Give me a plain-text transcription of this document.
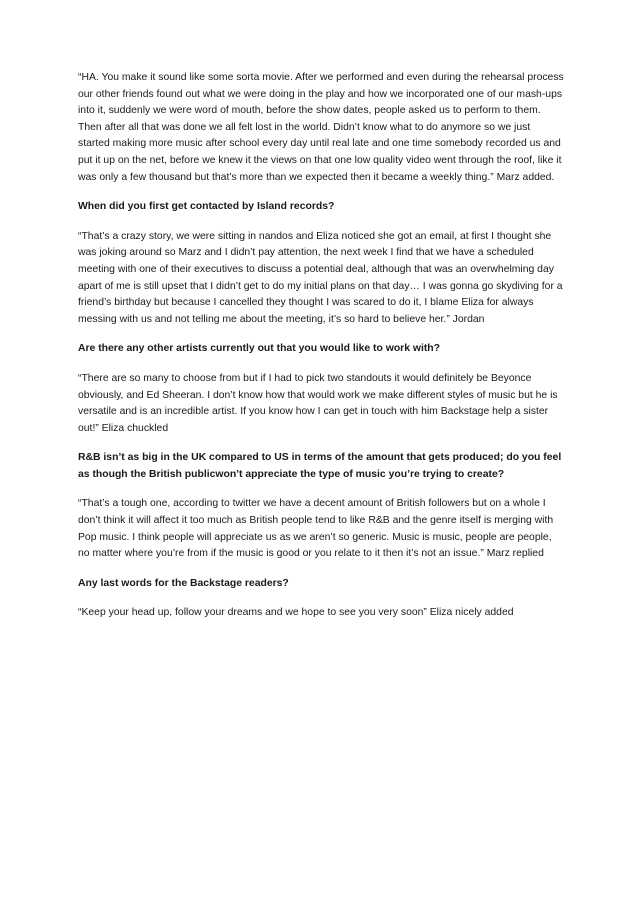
“HA. You make it sound like some sorta movie. After we performed and even during the rehearsal process our other friends found out what we were doing in the play and how we incorporated one of our mash-ups into it, suddenly we were word of mouth, before the show dates, people asked us to perform to them. Then after all that was done we all felt lost in the world. Didn’t know what to do anymore so we just started making more music after school every day until real late and one time somebody recorded us and put it up on the net, before we knew it the views on that one low quality video went through the roof, like it was only a few thousand but that’s more than we expected then it became a weekly thing.” Marz added.

When did you first get contacted by Island records?

“That’s a crazy story, we were sitting in nandos and Eliza noticed she got an email, at first I thought she was joking around so Marz and I didn’t pay attention, the next week I find that we have a scheduled meeting with one of their executives to discuss a potential deal, although that was an overwhelming day apart of me is still upset that I didn’t get to do my initial plans on that day… I was gonna go skydiving for a friend’s birthday but because I cancelled they thought I was scared to do it, I blame Eliza for always messing with us and not telling me about the meeting, it’s so hard to believe her.” Jordan

Are there any other artists currently out that you would like to work with?

“There are so many to choose from but if I had to pick two standouts it would definitely be Beyonce obviously, and Ed Sheeran. I don’t know how that would work we make different styles of music but he is versatile and is an incredible artist. If you know how I can get in touch with him Backstage help a sister out!” Eliza chuckled

R&B isn’t as big in the UK compared to US in terms of the amount that gets produced; do you feel as though the British publicwon’t appreciate the type of music you’re trying to create?

“That’s a tough one, according to twitter we have a decent amount of British followers but on a whole I don’t think it will affect it too much as British people tend to like R&B and the genre itself is merging with Pop music. I think people will appreciate us as we aren’t so generic. Music is music, people are people, no matter where you’re from if the music is good or you relate to it then it’s not an issue.” Marz replied

Any last words for the Backstage readers?

“Keep your head up, follow your dreams and we hope to see you very soon” Eliza nicely added
